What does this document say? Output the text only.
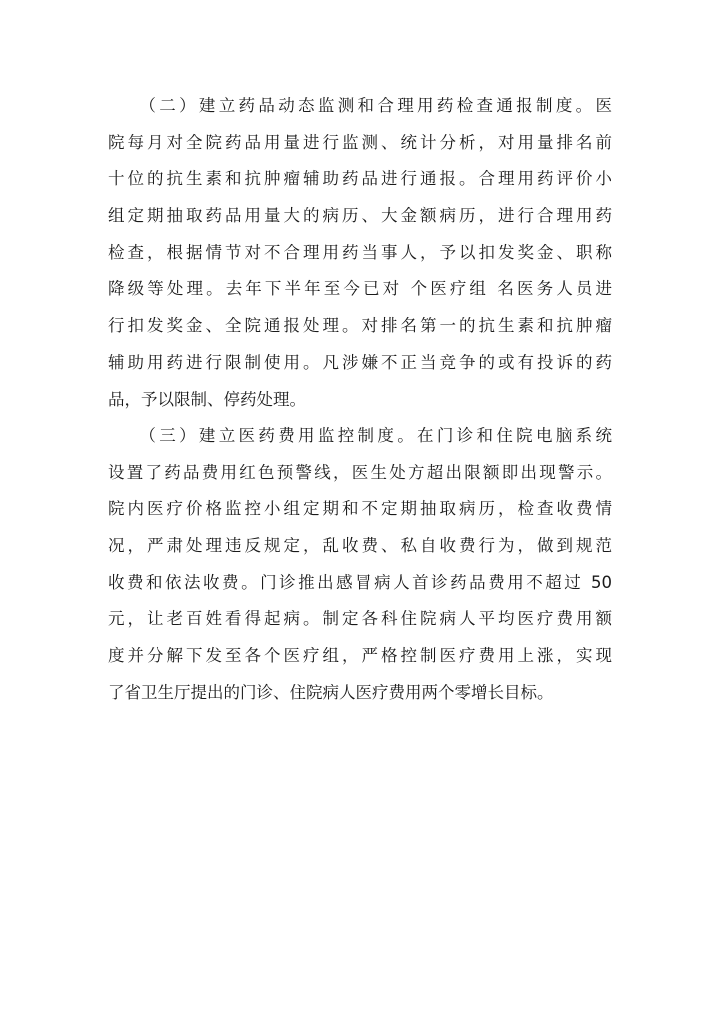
　　（二）建立药品动态监测和合理用药检查通报制度。医
院每月对全院药品用量进行监测、统计分析，对用量排名前
十位的抗生素和抗肿瘤辅助药品进行通报。合理用药评价小
组定期抽取药品用量大的病历、大金额病历，进行合理用药
检查，根据情节对不合理用药当事人，予以扣发奖金、职称
降级等处理。去年下半年至今已对 个医疗组 名医务人员进
行扣发奖金、全院通报处理。对排名第一的抗生素和抗肿瘤
辅助用药进行限制使用。凡涉嫌不正当竞争的或有投诉的药
品，予以限制、停药处理。
　　（三）建立医药费用监控制度。在门诊和住院电脑系统
设置了药品费用红色预警线，医生处方超出限额即出现警示。
院内医疗价格监控小组定期和不定期抽取病历，检查收费情
况，严肃处理违反规定，乱收费、私自收费行为，做到规范
收费和依法收费。门诊推出感冒病人首诊药品费用不超过 50
元，让老百姓看得起病。制定各科住院病人平均医疗费用额
度并分解下发至各个医疗组，严格控制医疗费用上涨，实现
了省卫生厅提出的门诊、住院病人医疗费用两个零增长目标。
